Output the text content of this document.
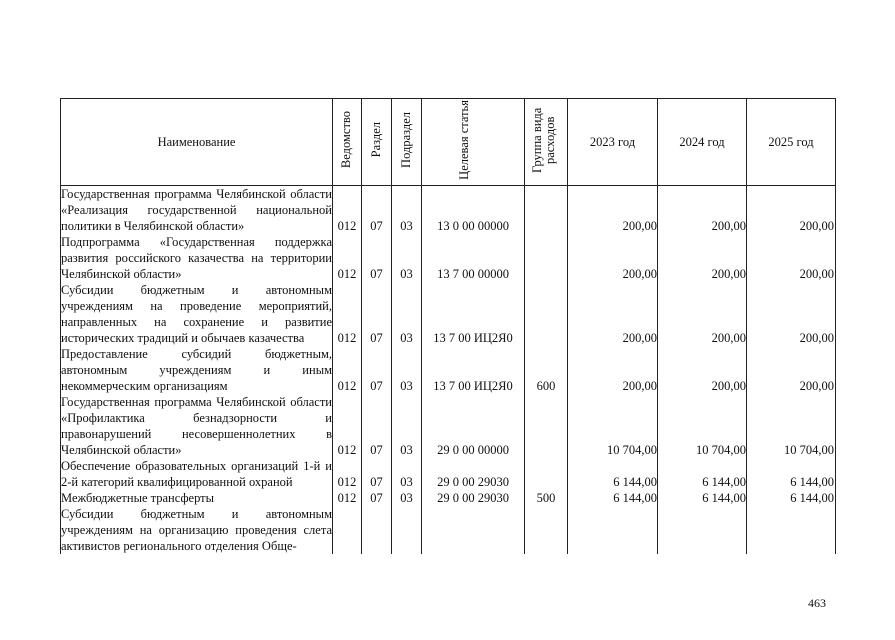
Наименование	Ведомство	Раздел	Подраздел	Целевая статья	Группа вида расходов	2023 год	2024 год	2025 год
Государственная программа Челябинской области «Реализация государственной национальной политики в Челябинской области»	012	07	03	13 0 00 00000		200,00	200,00	200,00
Подпрограмма «Государственная поддержка развития российского казачества на территории Челябинской области»	012	07	03	13 7 00 00000		200,00	200,00	200,00
Субсидии бюджетным и автономным учреждениям на проведение мероприятий, направленных на сохранение и развитие исторических традиций и обычаев казачества	012	07	03	13 7 00 ИЦ2Я0		200,00	200,00	200,00
Предоставление субсидий бюджетным, автономным учреждениям и иным некоммерческим организациям	012	07	03	13 7 00 ИЦ2Я0	600	200,00	200,00	200,00
Государственная программа Челябинской области «Профилактика безнадзорности и правонарушений несовершеннолетних в Челябинской области»	012	07	03	29 0 00 00000		10 704,00	10 704,00	10 704,00
Обеспечение образовательных организаций 1-й и 2-й категорий квалифицированной охраной	012	07	03	29 0 00 29030		6 144,00	6 144,00	6 144,00
Межбюджетные трансферты	012	07	03	29 0 00 29030	500	6 144,00	6 144,00	6 144,00
Субсидии бюджетным и автономным учреждениям на организацию проведения слета активистов регионального отделения Обще-								
463
